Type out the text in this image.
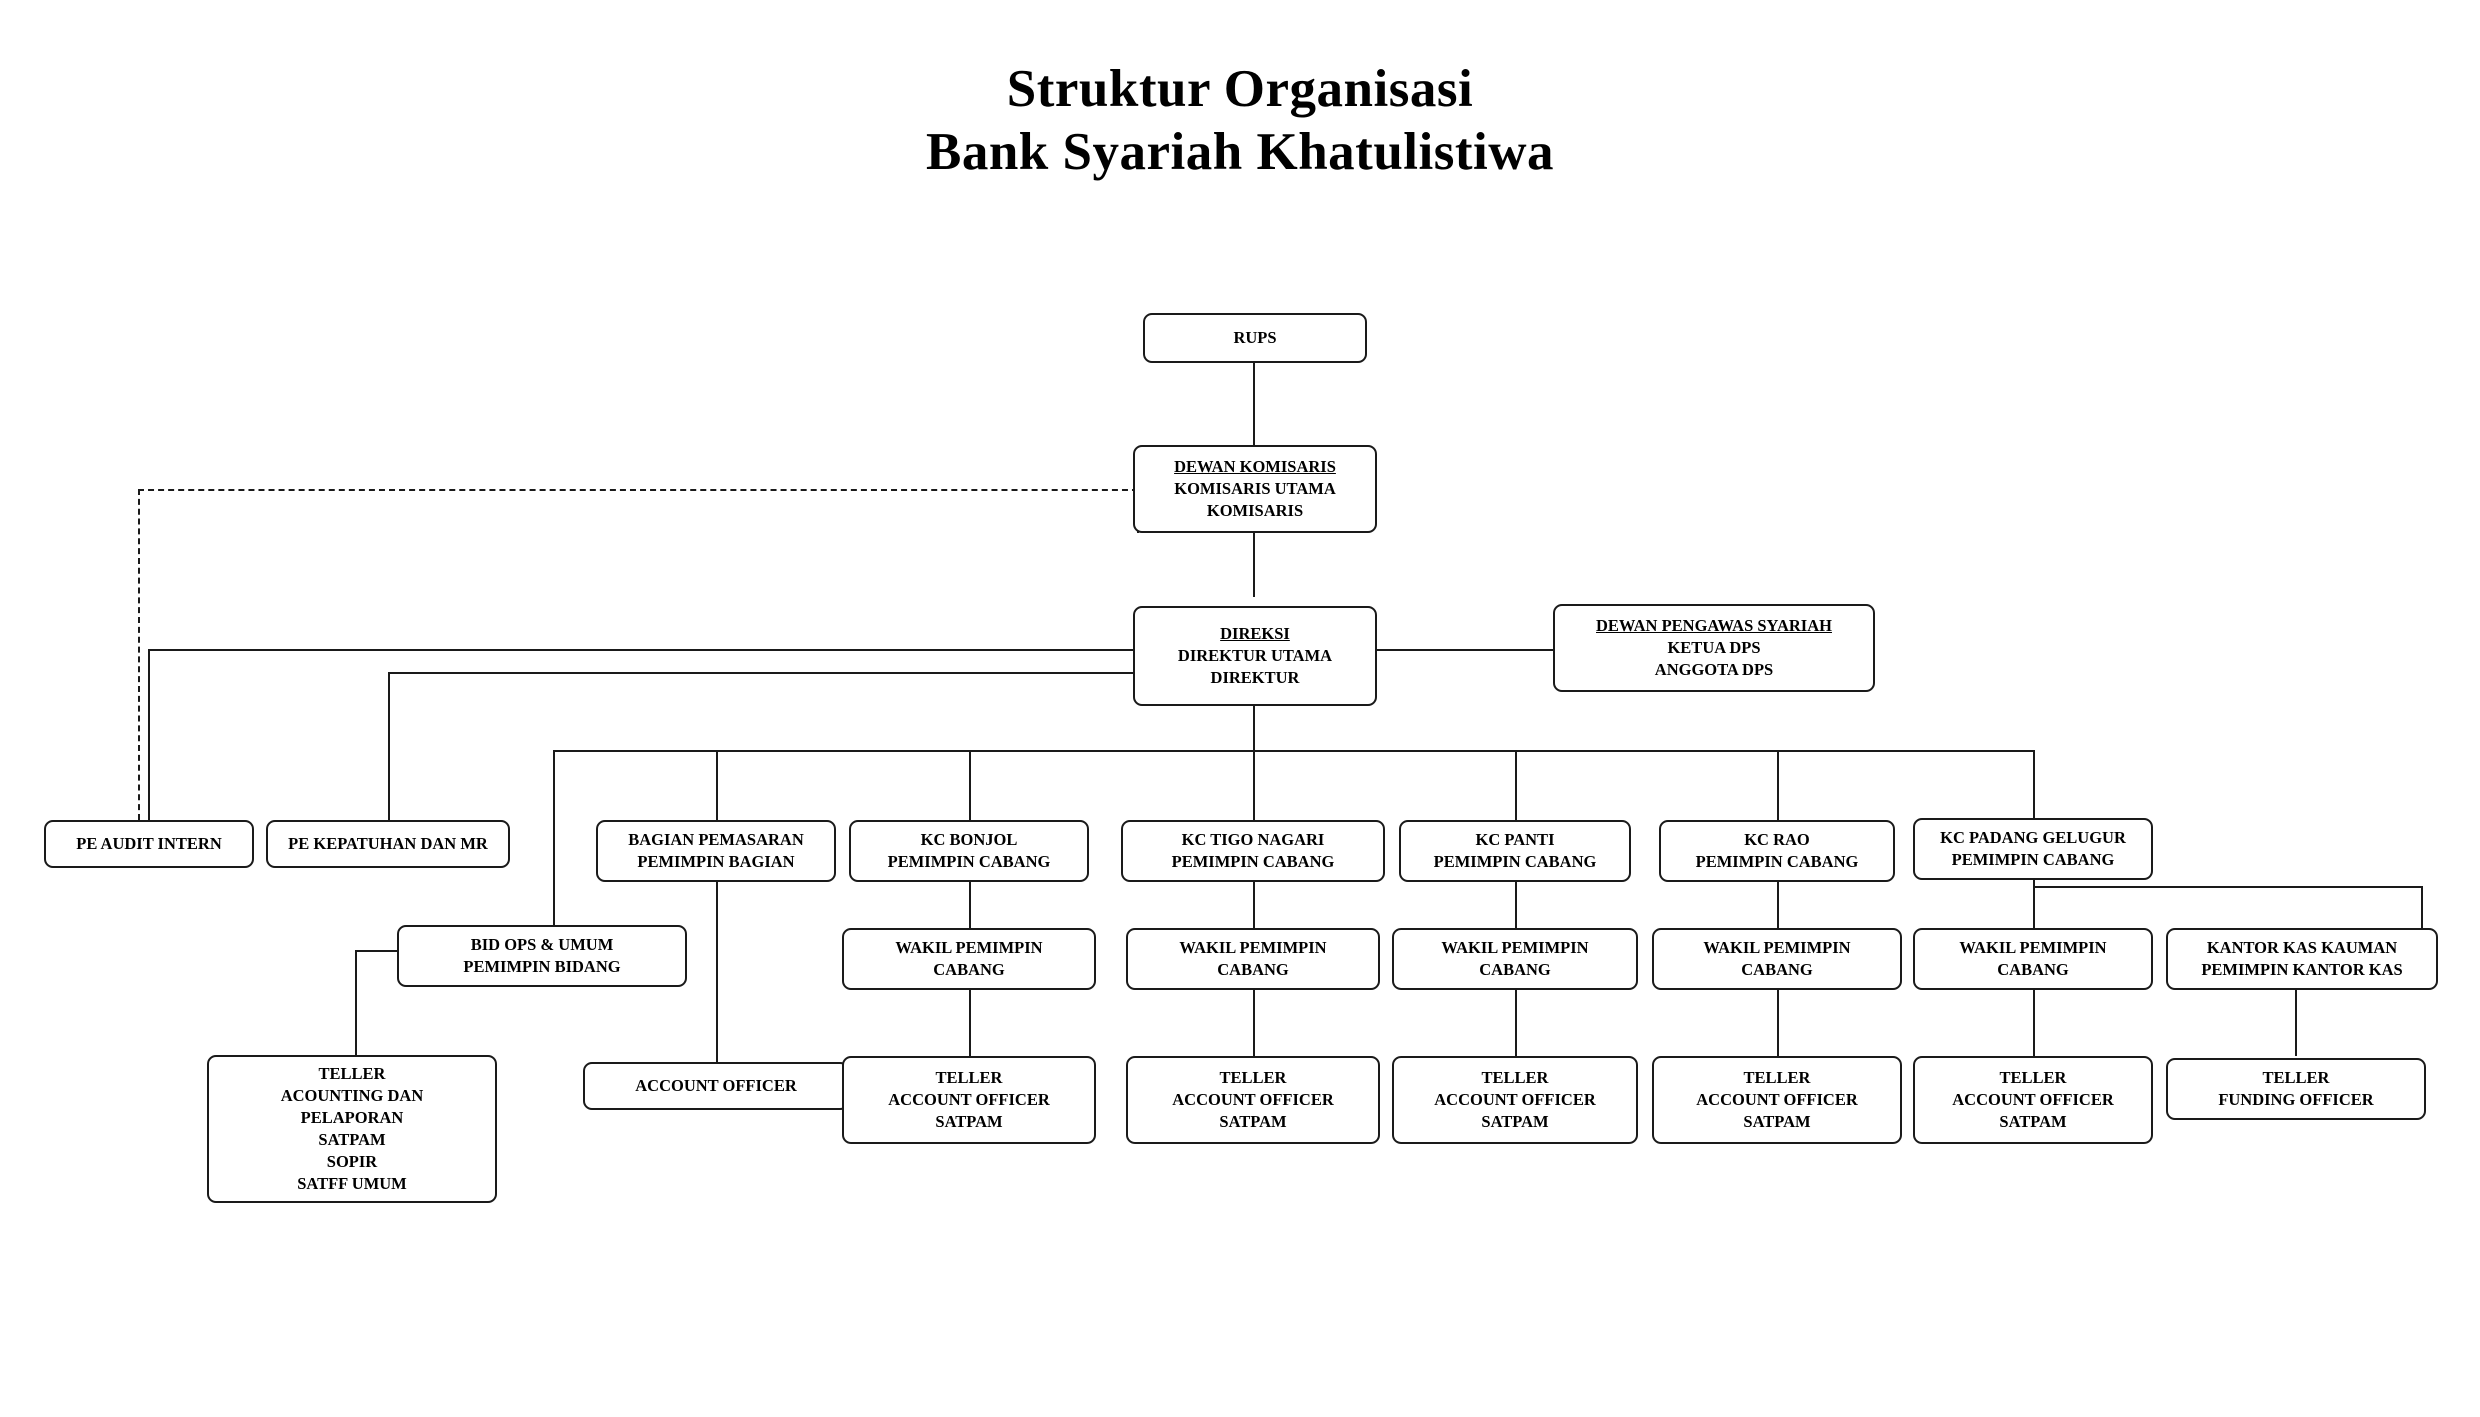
Struktur Organisasi
Bank Syariah Khatulistiwa
RUPS
DEWAN KOMISARIS
KOMISARIS UTAMA
KOMISARIS
DIREKSI
DIREKTUR UTAMA
DIREKTUR
DEWAN PENGAWAS SYARIAH
KETUA DPS
ANGGOTA DPS
PE AUDIT INTERN	PE KEPATUHAN DAN MR	BAGIAN PEMASARAN
PEMIMPIN BAGIAN
KC BONJOL
PEMIMPIN CABANG
KC TIGO NAGARI
PEMIMPIN CABANG
KC PANTI
PEMIMPIN CABANG
KC RAO
PEMIMPIN CABANG
KC PADANG GELUGUR
PEMIMPIN CABANG
BID OPS & UMUM
PEMIMPIN BIDANG
WAKIL PEMIMPIN
CABANG
WAKIL PEMIMPIN
CABANG
WAKIL PEMIMPIN
CABANG
WAKIL PEMIMPIN
CABANG
WAKIL PEMIMPIN
CABANG
KANTOR KAS KAUMAN
PEMIMPIN KANTOR KAS
TELLER
ACOUNTING DAN
PELAPORAN
SATPAM
SOPIR
SATFF UMUM
ACCOUNT OFFICER	TELLER
ACCOUNT OFFICER
SATPAM
TELLER
ACCOUNT OFFICER
SATPAM
TELLER
ACCOUNT OFFICER
SATPAM
TELLER
ACCOUNT OFFICER
SATPAM
TELLER
ACCOUNT OFFICER
SATPAM
TELLER
FUNDING OFFICER
